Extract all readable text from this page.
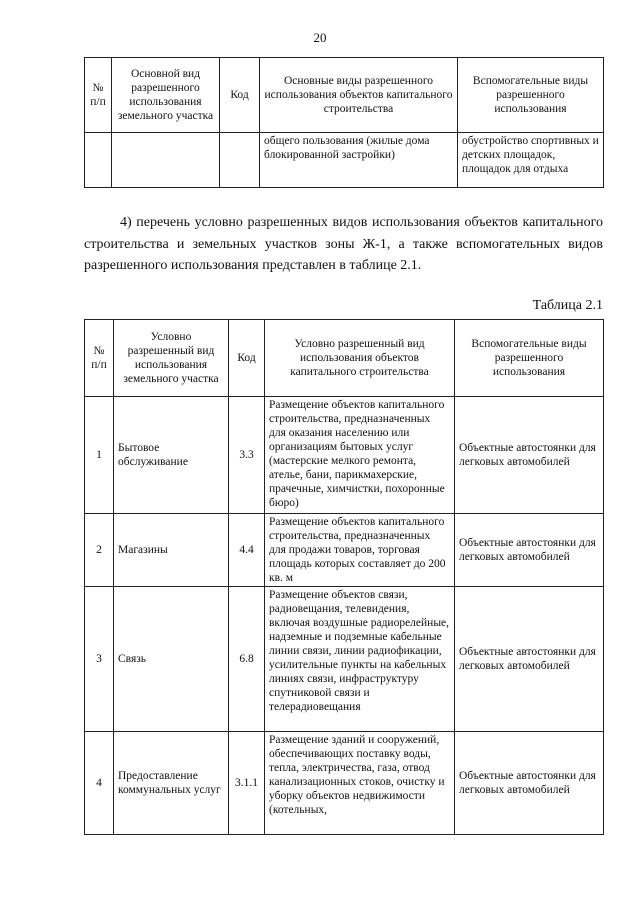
20
№ п/п	Основной вид разрешенного использования земельного участка	Код	Основные виды разрешенного использования объектов капитального строительства	Вспомогательные виды разрешенного использования
			общего пользования (жилые дома блокированной застройки)	обустройство спортивных и детских площадок, площадок для отдыха
4) перечень условно разрешенных видов использования объектов капитального строительства и земельных участков зоны Ж-1, а также вспомогательных видов разрешенного использования представлен в таблице 2.1.
Таблица 2.1
№ п/п	Условно разрешенный вид использования земельного участка	Код	Условно разрешенный вид использования объектов капитального строительства	Вспомогательные виды разрешенного использования
1	Бытовое обслуживание	3.3	Размещение объектов капитального строительства, предназначенных для оказания населению или организациям бытовых услуг (мастерские мелкого ремонта, ателье, бани, парикмахерские, прачечные, химчистки, похоронные бюро)	Объектные автостоянки для легковых автомобилей
2	Магазины	4.4	Размещение объектов капитального строительства, предназначенных для продажи товаров, торговая площадь которых составляет до 200 кв. м	Объектные автостоянки для легковых автомобилей
3	Связь	6.8	Размещение объектов связи, радиовещания, телевидения, включая воздушные радиорелейные, надземные и подземные кабельные линии связи, линии радиофикации, усилительные пункты на кабельных линиях связи, инфраструктуру спутниковой связи и телерадиовещания	Объектные автостоянки для легковых автомобилей
4	Предоставление коммунальных услуг	3.1.1	Размещение зданий и сооружений, обеспечивающих поставку воды, тепла, электричества, газа, отвод канализационных стоков, очистку и уборку объектов недвижимости (котельных,	Объектные автостоянки для легковых автомобилей
